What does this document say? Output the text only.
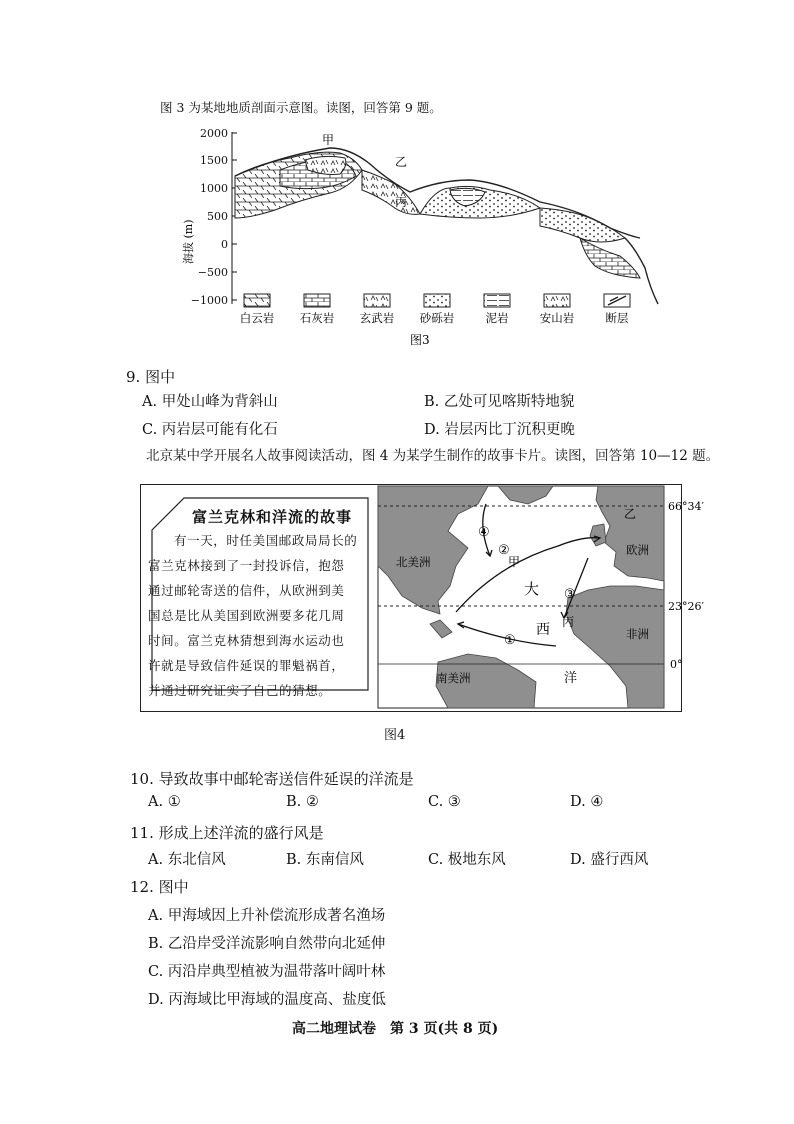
图 3 为某地地质剖面示意图。读图，回答第 9 题。
2000
1500
1000
500
0
−500
−1000
海拔 (m)
甲
乙
丙
白云岩 石灰岩 玄武岩 砂砾岩	泥岩	安山岩	断层
图3
9. 图中
A. 甲处山峰为背斜山	B. 乙处可见喀斯特地貌
C. 丙岩层可能有化石	D. 岩层丙比丁沉积更晚
北京某中学开展名人故事阅读活动，图 4 为某学生制作的故事卡片。读图，回答第 10—12 题。
富兰克林和洋流的故事
有一天，时任美国邮政局局长的
富兰克林接到了一封投诉信，抱怨
通过邮轮寄送的信件，从欧洲到美
国总是比从美国到欧洲要多花几周
时间。富兰克林猜想到海水运动也
许就是导致信件延误的罪魁祸首，
并通过研究证实了自己的猜想。
66°34′
23°26′
0°
②
③
①
④
甲
乙
丙
大
西
洋
北美洲
欧洲
非洲
南美洲
图4
10. 导致故事中邮轮寄送信件延误的洋流是
A. ①	B. ②	C. ③	D. ④
11. 形成上述洋流的盛行风是
A. 东北信风	B. 东南信风	C. 极地东风	D. 盛行西风
12. 图中
A. 甲海域因上升补偿流形成著名渔场
B. 乙沿岸受洋流影响自然带向北延伸
C. 丙沿岸典型植被为温带落叶阔叶林
D. 丙海域比甲海域的温度高、盐度低
高二地理试卷　第 3 页(共 8 页)
